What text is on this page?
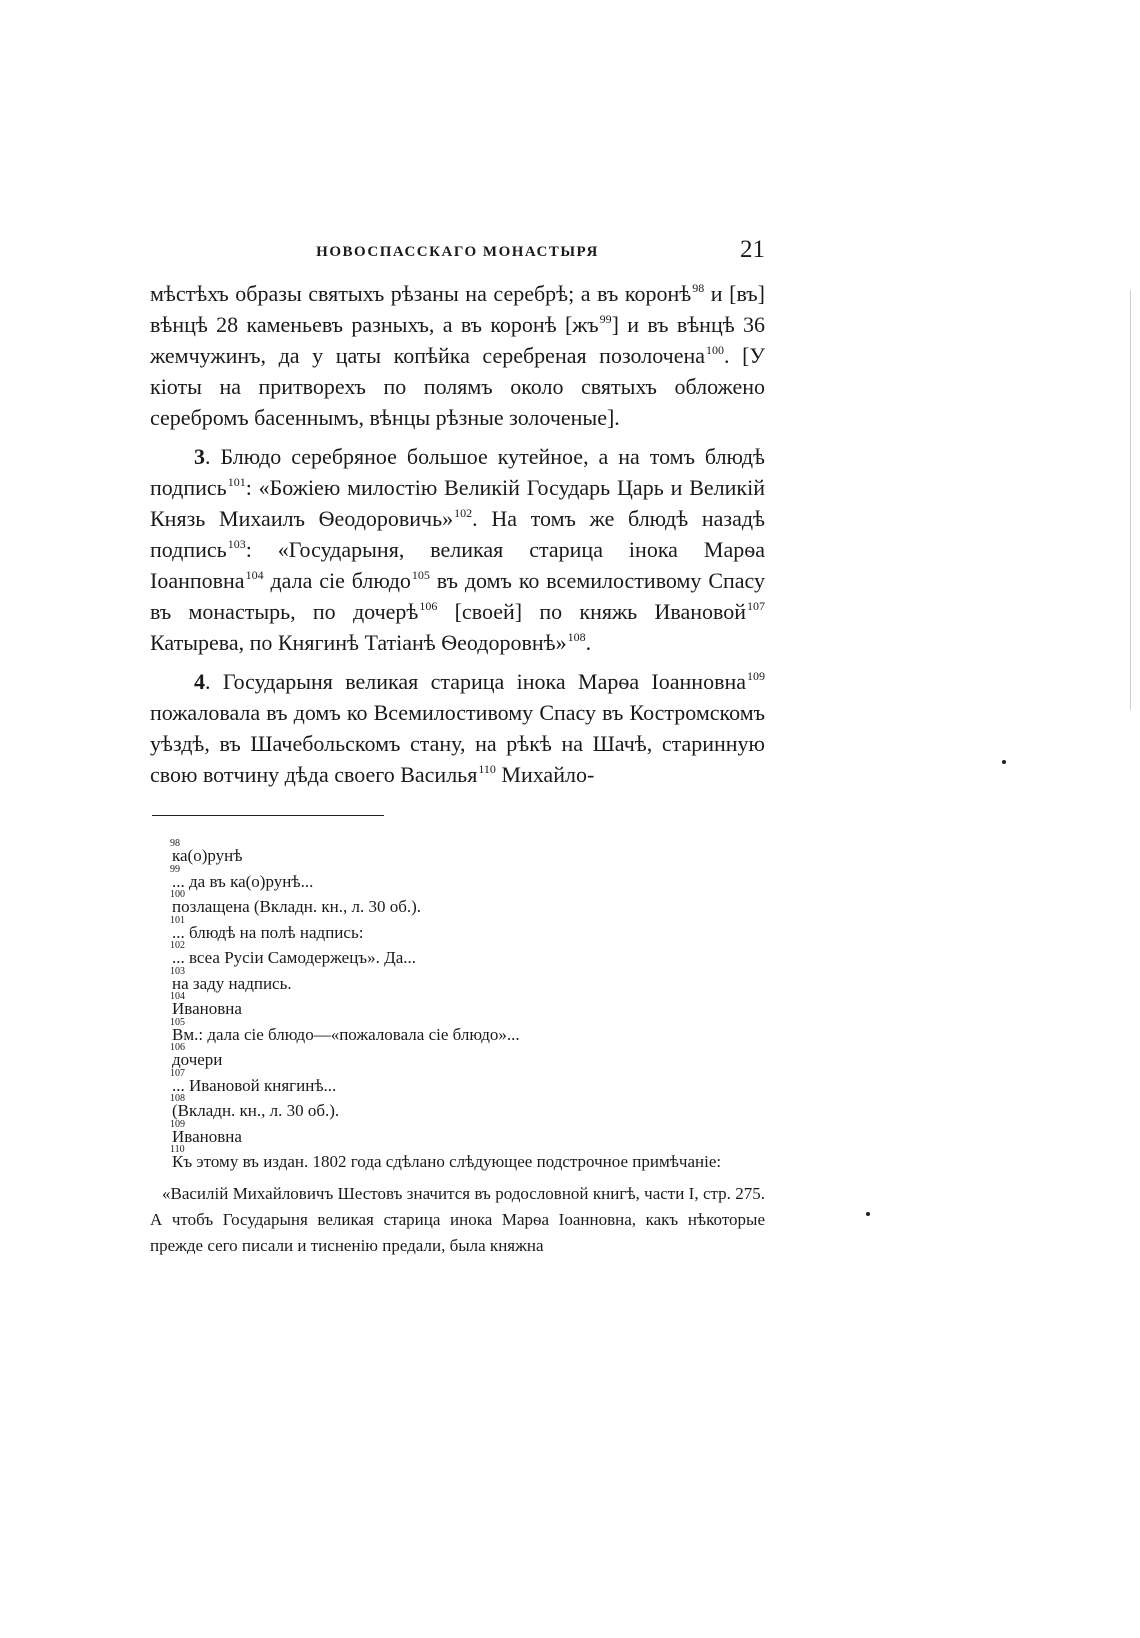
НОВОСПАССКАГО МОНАСТЫРЯ	21

мѣстѣхъ образы святыхъ рѣзаны на серебрѣ; а въ коронѣ$^{98}$ и [въ] вѣнцѣ 28 каменьевъ разныхъ, а въ коронѣ [жъ$^{99}$] и въ вѣнцѣ 36 жемчужинъ, да у цаты копѣйка серебреная позолочена$^{100}$. [У кіоты на притворехъ по полямъ около святыхъ обложено серебромъ басеннымъ, вѣнцы рѣзные золоченые].

3. Блюдо серебряное большое кутейное, а на томъ блюдѣ подпись$^{101}$: «Божiею милостію Великій Государь Царь и Великій Князь Михаилъ Ѳеодоровичь»$^{102}$. На томъ же блюдѣ назадѣ подпись$^{103}$: «Государыня, великая старица інока Марѳа Іоанповна$^{104}$ дала сіе блюдо$^{105}$ въ домъ ко всемилостивому Спасу въ монастырь, по дочерѣ$^{106}$ [своей] по княжь Ивановой$^{107}$ Катырева, по Княгинѣ Татіанѣ Ѳеодоровнѣ»$^{108}$.

4. Государыня великая старица інока Марѳа Іоанновна$^{109}$ пожаловала въ домъ ко Всемилостивому Спасу въ Костромскомъ уѣздѣ, въ Шачебольскомъ стану, на рѣкѣ на Шачѣ, старинную свою вотчину дѣда своего Василья$^{110}$ Михайло-

98
ка(о)рунѣ
99
... да въ ка(о)рунѣ...
100
позлащена (Вкладн. кн., л. 30 об.).
101
... блюдѣ на полѣ надпись:
102
... всеа Русіи Самодержецъ». Да...
103
на заду надпись.
104
Ивановна
105
Вм.: дала сіе блюдо—«пожаловала сіе блюдо»...
106
дочери
107
... Ивановой княгинѣ...
108
(Вкладн. кн., л. 30 об.).
109
Ивановна
110
Къ этому въ издан. 1802 года сдѣлано слѣдующее подстрочное примѣчаніе:
«Василій Михайловичъ Шестовъ значится въ родословной книгѣ, части I, стр. 275. А чтобъ Государыня великая старица инока Марѳа Іоанновна, какъ нѣкоторые прежде сего писали и тисненію предали, была княжна
